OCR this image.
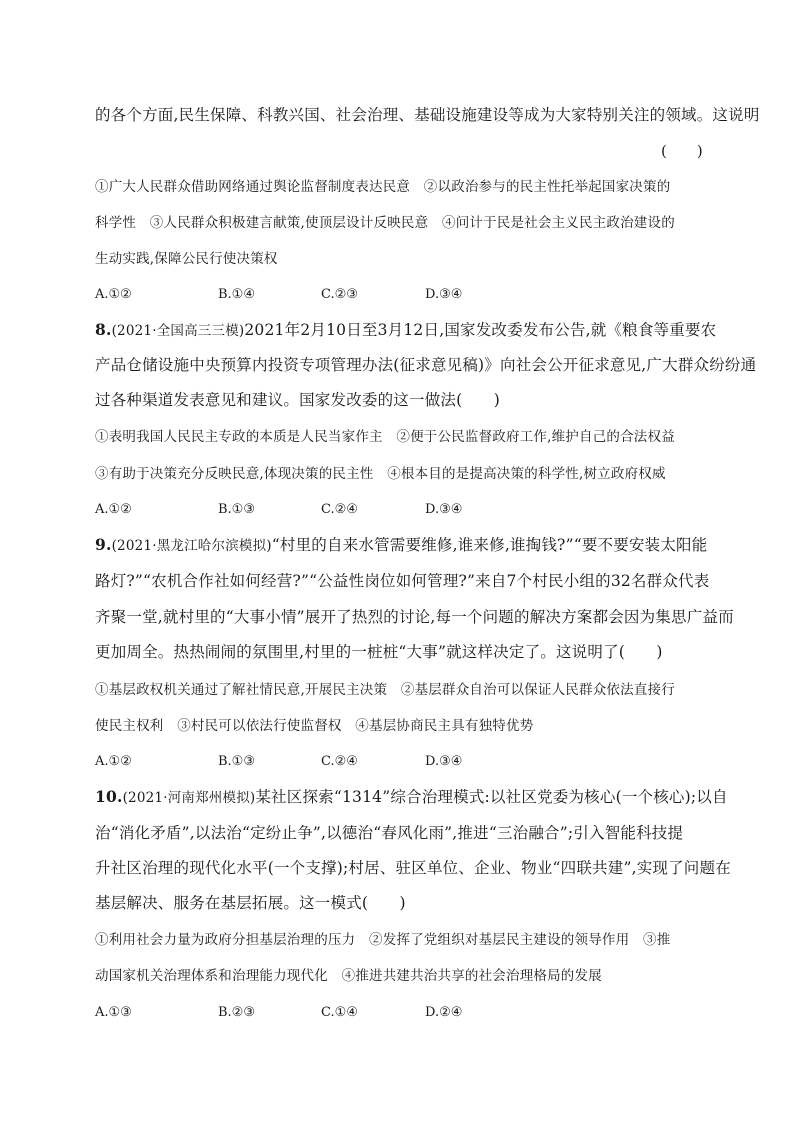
的各个方面,民生保障、科教兴国、社会治理、基础设施建设等成为大家特别关注的领域。这说明
(　　)
①广大人民群众借助网络通过舆论监督制度表达民意　②以政治参与的民主性托举起国家决策的
科学性　③人民群众积极建言献策,使顶层设计反映民意　④问计于民是社会主义民主政治建设的
生动实践,保障公民行使决策权
A.①②	B.①④	C.②③	D.③④
8.(2021·全国高三三模)2021年2月10日至3月12日,国家发改委发布公告,就《粮食等重要农
产品仓储设施中央预算内投资专项管理办法(征求意见稿)》向社会公开征求意见,广大群众纷纷通
过各种渠道发表意见和建议。国家发改委的这一做法(　　)
①表明我国人民民主专政的本质是人民当家作主　②便于公民监督政府工作,维护自己的合法权益
③有助于决策充分反映民意,体现决策的民主性　④根本目的是提高决策的科学性,树立政府权威
A.①②	B.①③	C.②④	D.③④
9.(2021·黑龙江哈尔滨模拟)“村里的自来水管需要维修,谁来修,谁掏钱?”“要不要安装太阳能
路灯?”“农机合作社如何经营?”“公益性岗位如何管理?”来自7个村民小组的32名群众代表
齐聚一堂,就村里的“大事小情”展开了热烈的讨论,每一个问题的解决方案都会因为集思广益而
更加周全。热热闹闹的氛围里,村里的一桩桩“大事”就这样决定了。这说明了(　　)
①基层政权机关通过了解社情民意,开展民主决策　②基层群众自治可以保证人民群众依法直接行
使民主权利　③村民可以依法行使监督权　④基层协商民主具有独特优势
A.①②	B.①③	C.②④	D.③④
10.(2021·河南郑州模拟)某社区探索“1314”综合治理模式:以社区党委为核心(一个核心);以自
治“消化矛盾”,以法治“定纷止争”,以德治“春风化雨”,推进“三治融合”;引入智能科技提
升社区治理的现代化水平(一个支撑);村居、驻区单位、企业、物业“四联共建”,实现了问题在
基层解决、服务在基层拓展。这一模式(　　)
①利用社会力量为政府分担基层治理的压力　②发挥了党组织对基层民主建设的领导作用　③推
动国家机关治理体系和治理能力现代化　④推进共建共治共享的社会治理格局的发展
A.①③	B.②③	C.①④	D.②④
